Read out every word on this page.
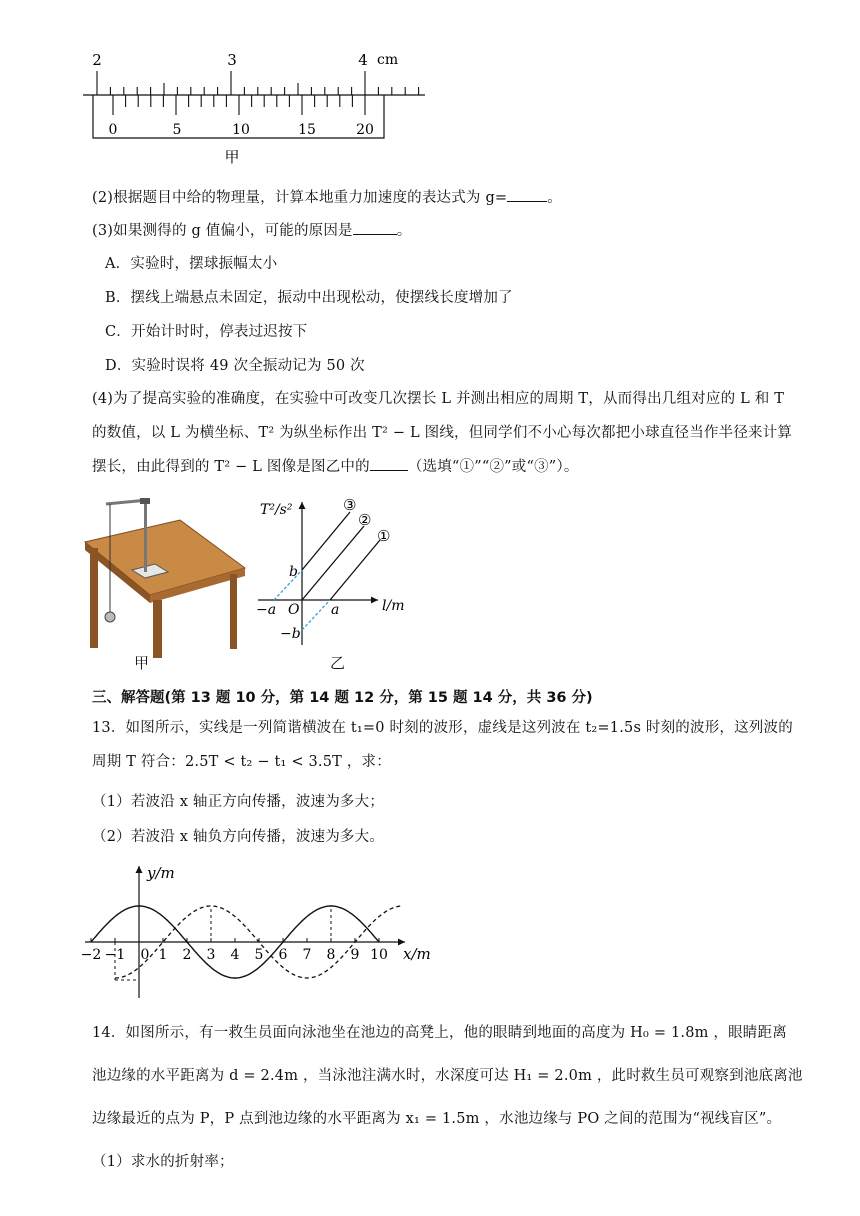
2	3	4 cm
0	5	10	15	20
甲
(2)根据题目中给的物理量，计算本地重力加速度的表达式为 g=	。
(3)如果测得的 g 值偏小，可能的原因是	。
A．实验时，摆球振幅太小
B．摆线上端悬点未固定，振动中出现松动，使摆线长度增加了
C．开始计时时，停表过迟按下
D．实验时误将 49 次全振动记为 50 次
(4)为了提高实验的准确度，在实验中可改变几次摆长 L 并测出相应的周期 T，从而得出几组对应的 L 和 T
的数值，以 L 为横坐标、T² 为纵坐标作出 T² − L 图线，但同学们不小心每次都把小球直径当作半径来计算
摆长，由此得到的 T² − L 图像是图乙中的	（选填“①”“②”或“③”）。
甲
T²/s²
l/m
O
b
−b
a
−a
③
②
①
乙
三、解答题(第 13 题 10 分，第 14 题 12 分，第 15 题 14 分，共 36 分)
13．如图所示，实线是一列简谐横波在 t₁=0 时刻的波形，虚线是这列波在 t₂=1.5s 时刻的波形，这列波的
周期 T 符合：2.5T < t₂ − t₁ < 3.5T ，求：
（1）若波沿 x 轴正方向传播，波速为多大；
（2）若波沿 x 轴负方向传播，波速为多大。
−2 −1 0 1 2 3 4 5 6 7 8 9 10
y/m
x/m
14．如图所示，有一救生员面向泳池坐在池边的高凳上，他的眼睛到地面的高度为 H₀ = 1.8m ，眼睛距离
池边缘的水平距离为 d = 2.4m ，当泳池注满水时，水深度可达 H₁ = 2.0m ，此时救生员可观察到池底离池
边缘最近的点为 P，P 点到池边缘的水平距离为 x₁ = 1.5m ，水池边缘与 PO 之间的范围为“视线盲区”。
（1）求水的折射率；
